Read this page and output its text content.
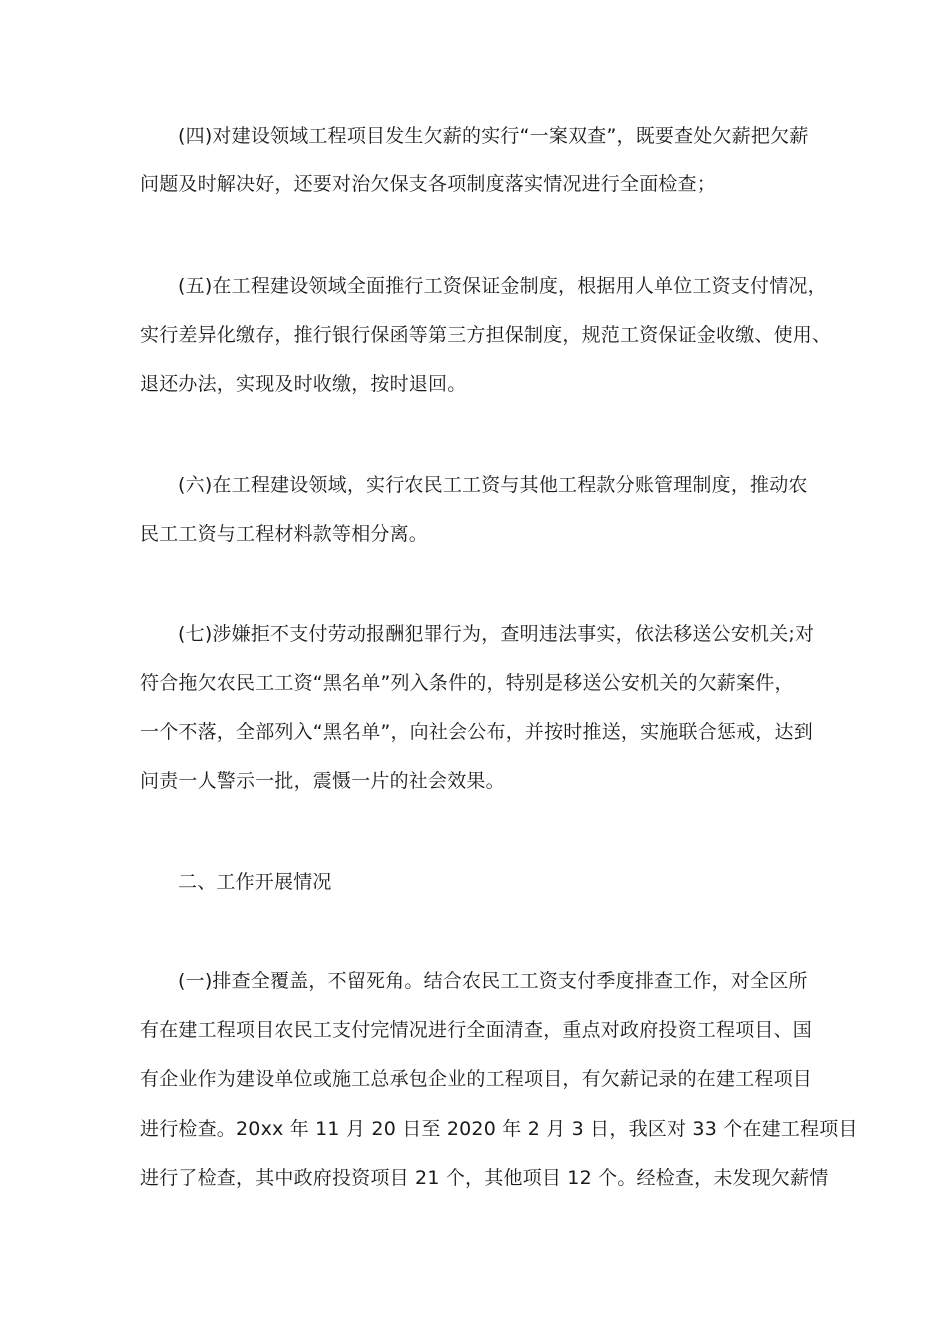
(四)对建设领域工程项目发生欠薪的实行“一案双查”，既要查处欠薪把欠薪
问题及时解决好，还要对治欠保支各项制度落实情况进行全面检查；
(五)在工程建设领域全面推行工资保证金制度，根据用人单位工资支付情况，
实行差异化缴存，推行银行保函等第三方担保制度，规范工资保证金收缴、使用、
退还办法，实现及时收缴，按时退回。
(六)在工程建设领域，实行农民工工资与其他工程款分账管理制度，推动农
民工工资与工程材料款等相分离。
(七)涉嫌拒不支付劳动报酬犯罪行为，查明违法事实，依法移送公安机关;对
符合拖欠农民工工资“黑名单”列入条件的，特别是移送公安机关的欠薪案件，
一个不落，全部列入“黑名单”，向社会公布，并按时推送，实施联合惩戒，达到
问责一人警示一批，震慑一片的社会效果。
二、工作开展情况
(一)排查全覆盖，不留死角。结合农民工工资支付季度排查工作，对全区所
有在建工程项目农民工支付完情况进行全面清查，重点对政府投资工程项目、国
有企业作为建设单位或施工总承包企业的工程项目，有欠薪记录的在建工程项目
进行检查。20xx 年 11 月 20 日至 2020 年 2 月 3 日，我区对 33 个在建工程项目
进行了检查，其中政府投资项目 21 个，其他项目 12 个。经检查，未发现欠薪情
